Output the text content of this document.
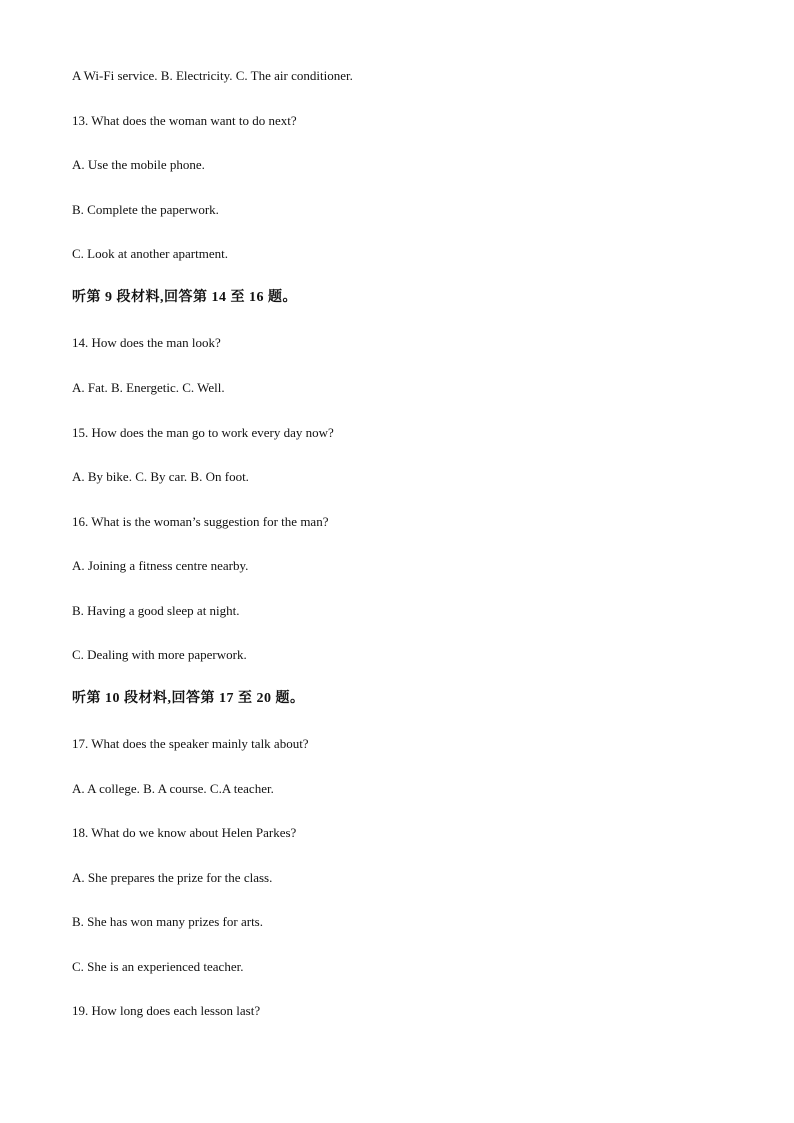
A Wi-Fi service. B. Electricity. C. The air conditioner.

13. What does the woman want to do next?

A. Use the mobile phone.

B. Complete the paperwork.

C. Look at another apartment.

听第 9 段材料,回答第 14 至 16 题。

14. How does the man look?

A. Fat. B. Energetic. C. Well.

15. How does the man go to work every day now?

A. By bike. C. By car. B. On foot.

16. What is the woman’s suggestion for the man?

A. Joining a fitness centre nearby.

B. Having a good sleep at night.

C. Dealing with more paperwork.

听第 10 段材料,回答第 17 至 20 题。

17. What does the speaker mainly talk about?

A. A college. B. A course. C.A teacher.

18. What do we know about Helen Parkes?

A. She prepares the prize for the class.

B. She has won many prizes for arts.

C. She is an experienced teacher.

19. How long does each lesson last?
